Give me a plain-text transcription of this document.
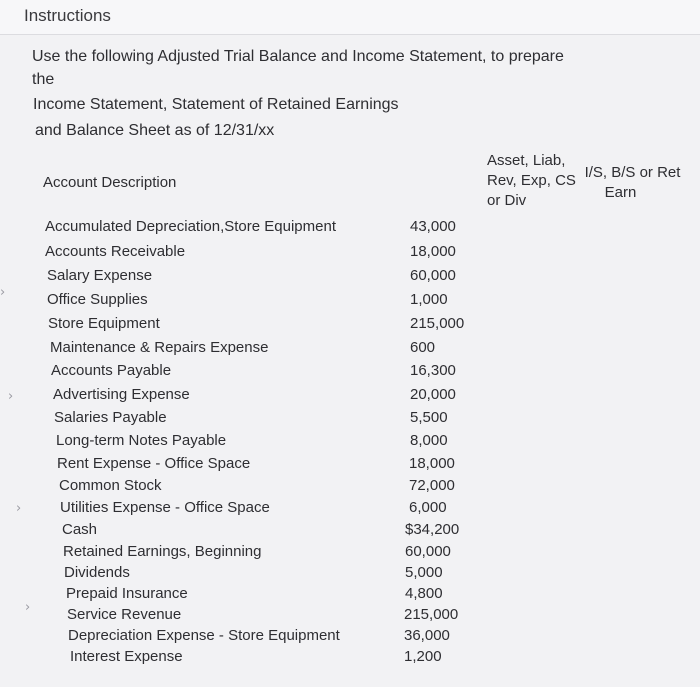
Instructions
Use the following Adjusted Trial Balance and Income Statement, to prepare
the
Income Statement, Statement of Retained Earnings
and Balance Sheet as of 12/31/xx
Account Description
Asset, Liab,
Rev, Exp, CS
or Div
I/S, B/S or Ret
Earn
Accumulated Depreciation,Store Equipment
Accounts Receivable
Salary Expense
Office Supplies
Store Equipment
Maintenance & Repairs Expense
Accounts Payable
Advertising Expense
Salaries Payable
Long-term Notes Payable
Rent Expense - Office Space
Common Stock
Utilities Expense - Office Space
Cash
Retained Earnings, Beginning
Dividends
Prepaid Insurance
Service Revenue
Depreciation Expense - Store Equipment
Interest Expense
43,000
18,000
60,000
1,000
215,000
600
16,300
20,000
5,500
8,000
18,000
72,000
6,000
$34,200
60,000
5,000
4,800
215,000
36,000
1,200
›
›
›
›
